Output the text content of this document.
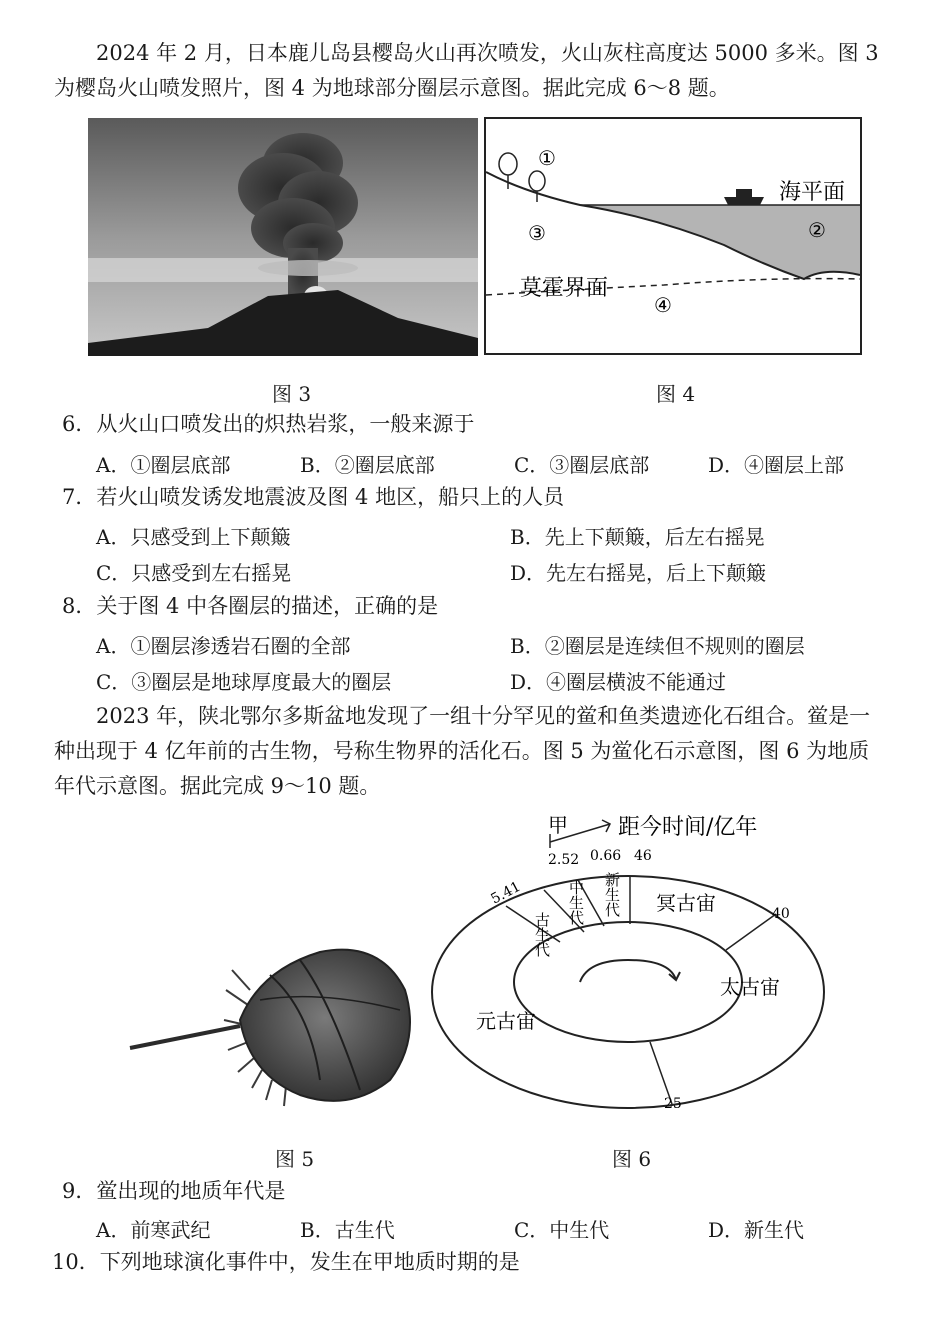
2024 年 2 月，日本鹿儿岛县樱岛火山再次喷发，火山灰柱高度达 5000 多米。图 3
为樱岛火山喷发照片，图 4 为地球部分圈层示意图。据此完成 6～8 题。
图 3
①
海平面
③	②
莫霍界面
④
图 4
6．从火山口喷发出的炽热岩浆，一般来源于
A．①圈层底部	B．②圈层底部	C．③圈层底部	D．④圈层上部
7．若火山喷发诱发地震波及图 4 地区，船只上的人员
A．只感受到上下颠簸	B．先上下颠簸，后左右摇晃
C．只感受到左右摇晃	D．先左右摇晃，后上下颠簸
8．关于图 4 中各圈层的描述，正确的是
A．①圈层渗透岩石圈的全部	B．②圈层是连续但不规则的圈层
C．③圈层是地球厚度最大的圈层	D．④圈层横波不能通过
2023 年，陕北鄂尔多斯盆地发现了一组十分罕见的鲎和鱼类遗迹化石组合。鲎是一
种出现于 4 亿年前的古生物，号称生物界的活化石。图 5 为鲎化石示意图，图 6 为地质
年代示意图。据此完成 9～10 题。
图 5
甲 距今时间/亿年
5.41
2.52 0.66 46
40
25
古生代
中生代 新生代 冥古宙
太古宙
元古宙
图 6
9．鲎出现的地质年代是
A．前寒武纪	B．古生代	C．中生代	D．新生代
10．下列地球演化事件中，发生在甲地质时期的是
